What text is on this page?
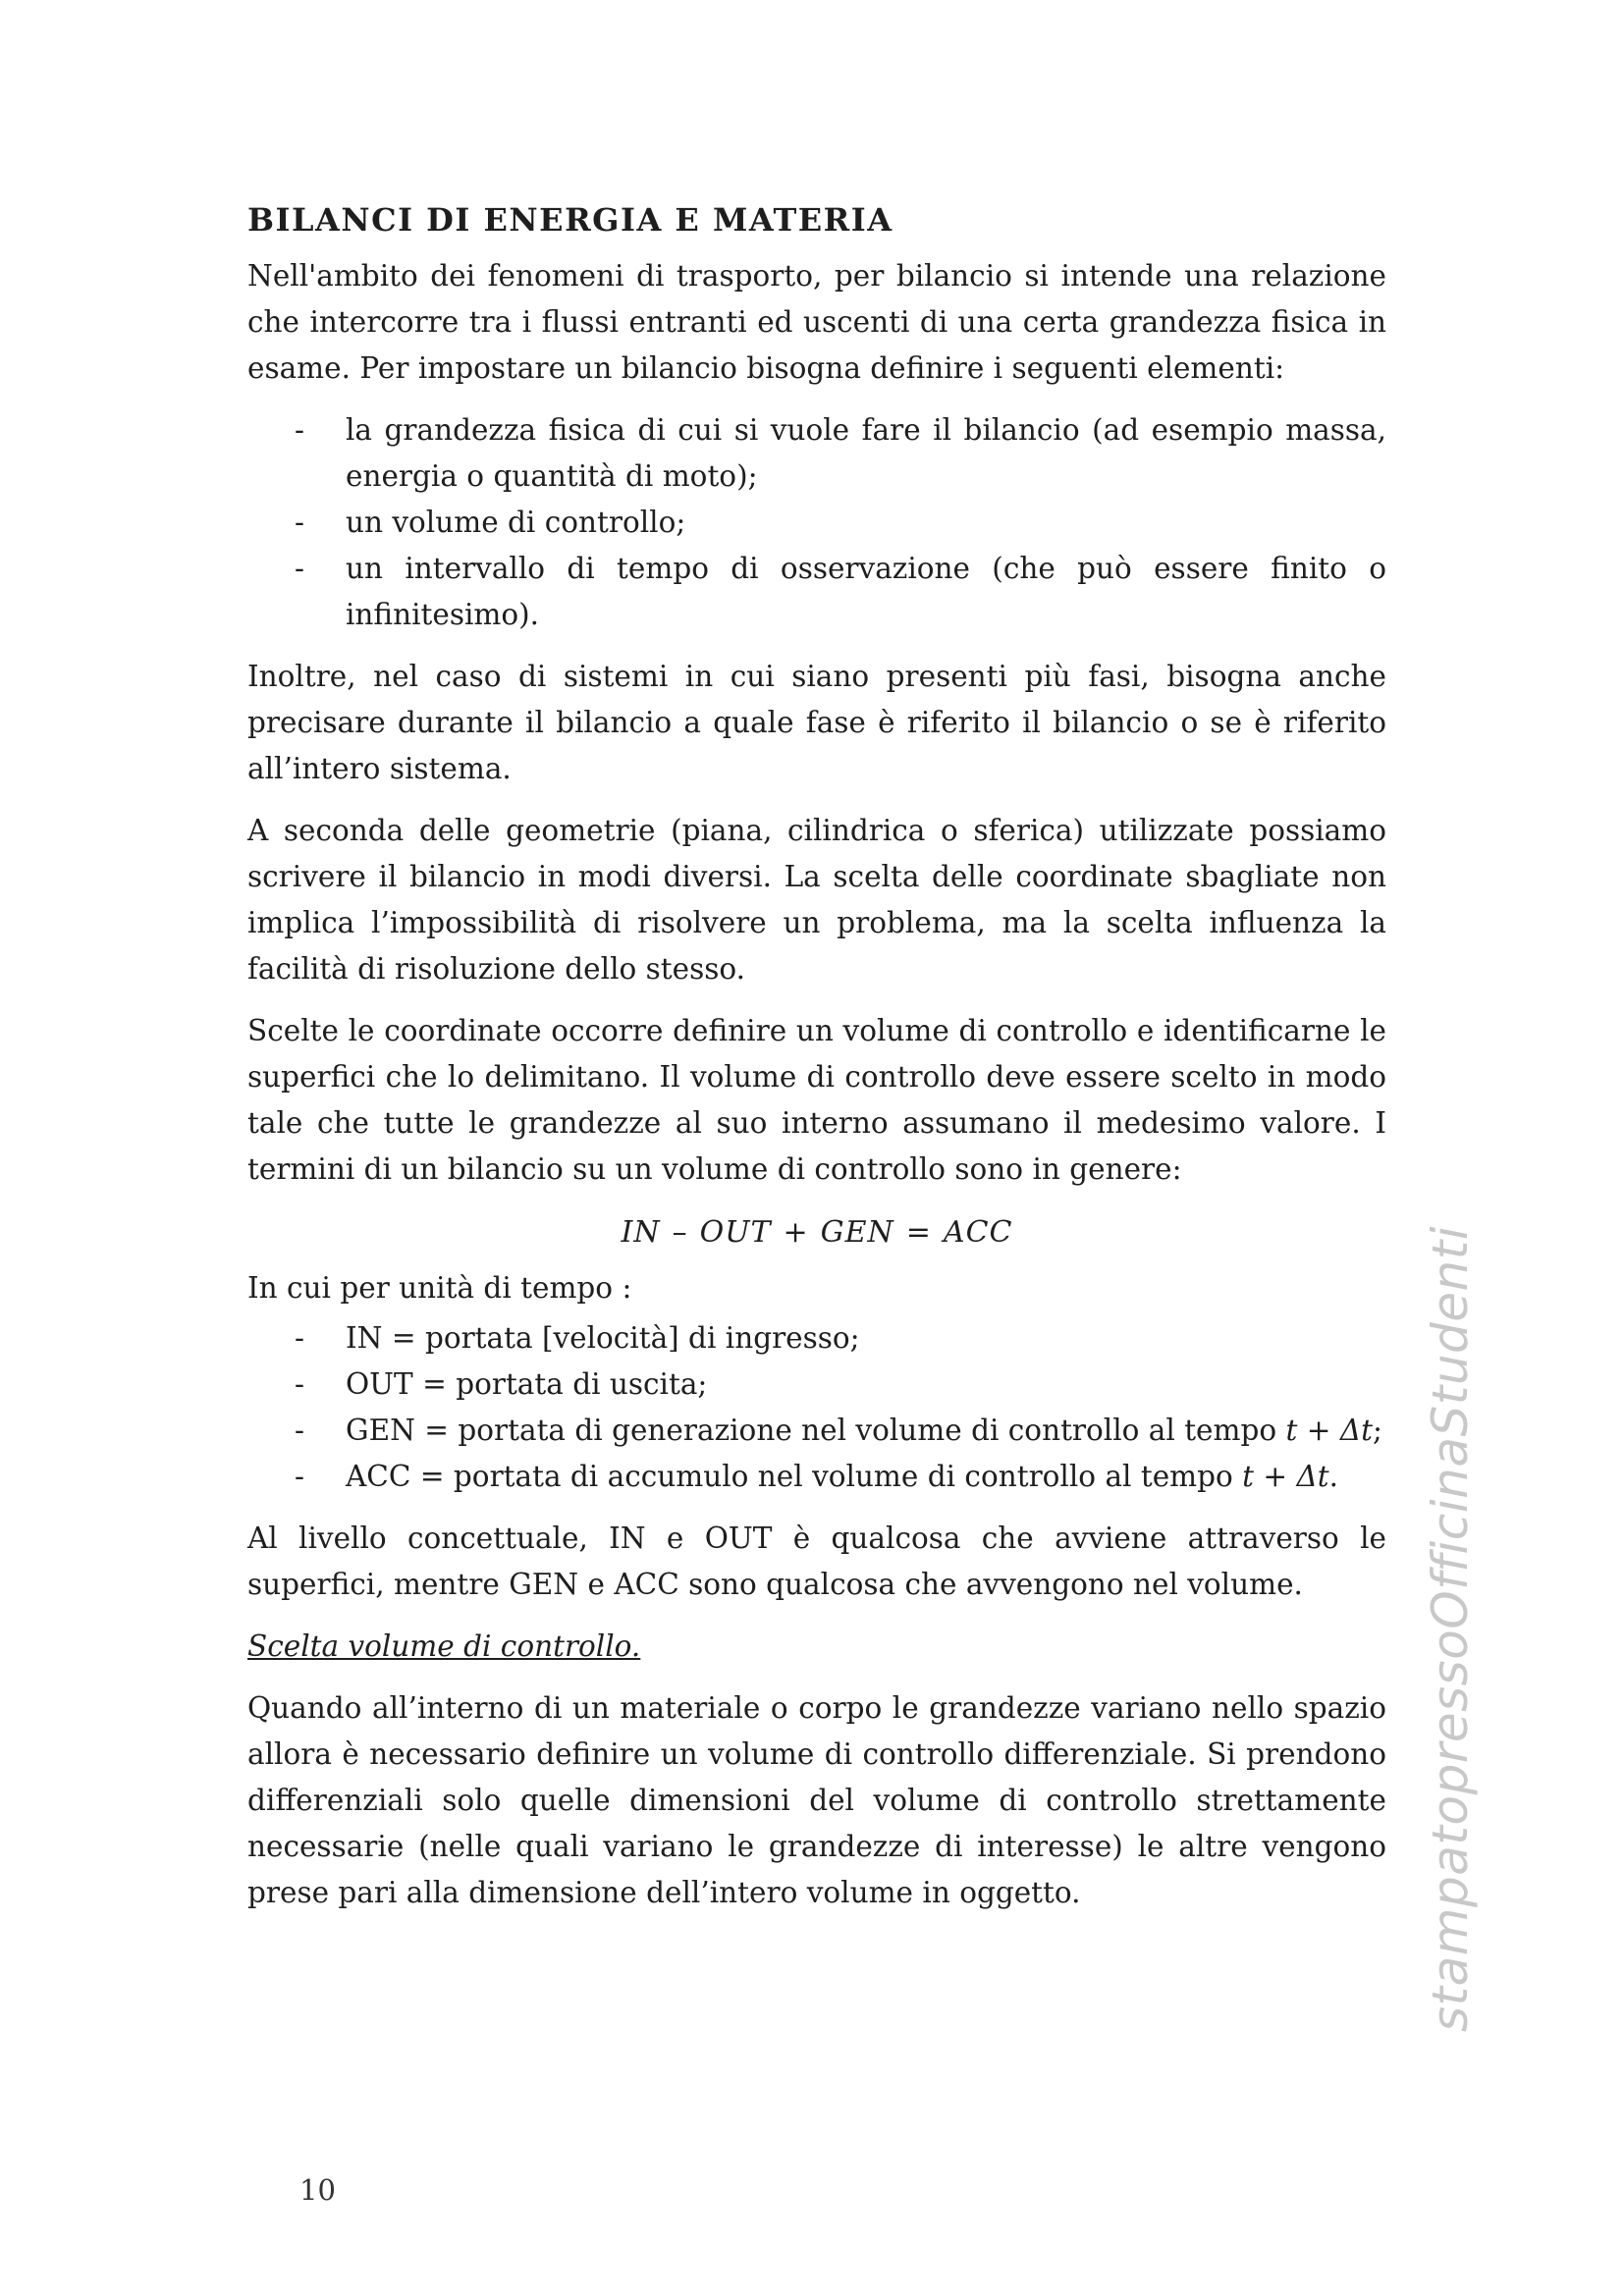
BILANCI DI ENERGIA E MATERIA

Nell'ambito dei fenomeni di trasporto, per bilancio si intende una relazione che intercorre tra i flussi entranti ed uscenti di una certa grandezza fisica in esame. Per impostare un bilancio bisogna definire i seguenti elementi:

- la grandezza fisica di cui si vuole fare il bilancio (ad esempio massa, energia o quantità di moto);
- un volume di controllo;
- un intervallo di tempo di osservazione (che può essere finito o infinitesimo).

Inoltre, nel caso di sistemi in cui siano presenti più fasi, bisogna anche precisare durante il bilancio a quale fase è riferito il bilancio o se è riferito all’intero sistema.

A seconda delle geometrie (piana, cilindrica o sferica) utilizzate possiamo scrivere il bilancio in modi diversi. La scelta delle coordinate sbagliate non implica l’impossibilità di risolvere un problema, ma la scelta influenza la facilità di risoluzione dello stesso.

Scelte le coordinate occorre definire un volume di controllo e identificarne le superfici che lo delimitano. Il volume di controllo deve essere scelto in modo tale che tutte le grandezze al suo interno assumano il medesimo valore. I termini di un bilancio su un volume di controllo sono in genere:

IN – OUT + GEN = ACC

In cui per unità di tempo :

- IN = portata [velocità] di ingresso;
- OUT = portata di uscita;
- GEN = portata di generazione nel volume di controllo al tempo t + Δt;
- ACC = portata di accumulo nel volume di controllo al tempo t + Δt.

Al livello concettuale, IN e OUT è qualcosa che avviene attraverso le superfici, mentre GEN e ACC sono qualcosa che avvengono nel volume.

Scelta volume di controllo.

Quando all’interno di un materiale o corpo le grandezze variano nello spazio allora è necessario definire un volume di controllo differenziale. Si prendono differenziali solo quelle dimensioni del volume di controllo strettamente necessarie (nelle quali variano le grandezze di interesse) le altre vengono prese pari alla dimensione dell’intero volume in oggetto.	stampatopressoOfficinaStudenti
10
